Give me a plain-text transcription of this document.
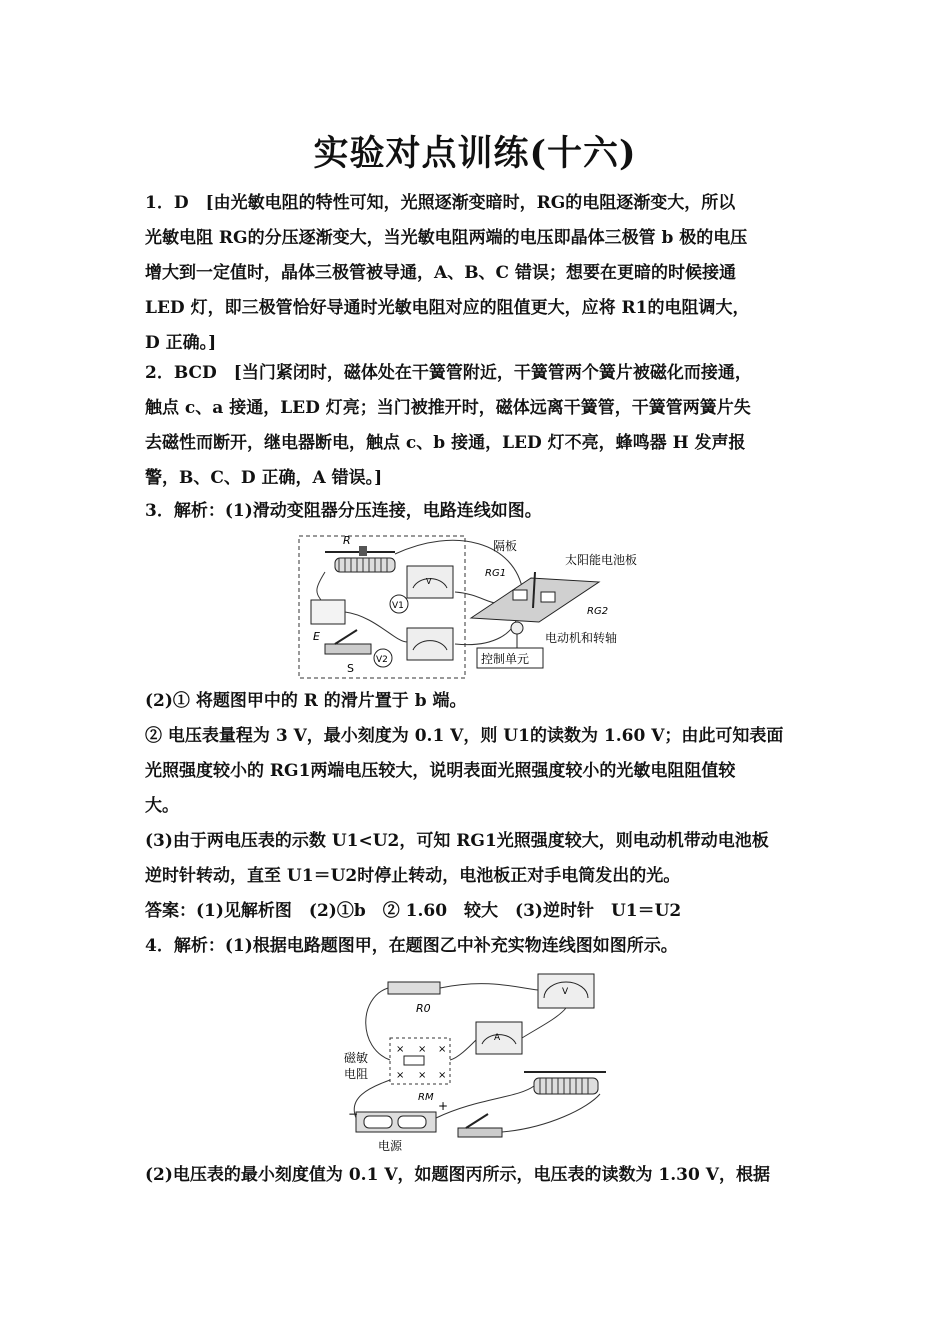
实验对点训练(十六)
1．D　[由光敏电阻的特性可知，光照逐渐变暗时，RG的电阻逐渐变大，所以
光敏电阻 RG的分压逐渐变大，当光敏电阻两端的电压即晶体三极管 b 极的电压
增大到一定值时，晶体三极管被导通，A、B、C 错误；想要在更暗的时候接通
LED 灯，即三极管恰好导通时光敏电阻对应的阻值更大，应将 R1的电阻调大，
D 正确。]
2．BCD　[当门紧闭时，磁体处在干簧管附近，干簧管两个簧片被磁化而接通，
触点 c、a 接通，LED 灯亮；当门被推开时，磁体远离干簧管，干簧管两簧片失
去磁性而断开，继电器断电，触点 c、b 接通，LED 灯不亮，蜂鸣器 H 发声报
警，B、C、D 正确，A 错误。]
3．解析：(1)滑动变阻器分压连接，电路连线如图。
R
E
S
V
V1
V2
隔板
太阳能电池板
RG1
RG2
电动机和转轴
控制单元
(2)① 将题图甲中的 R 的滑片置于 b 端。
② 电压表量程为 3 V，最小刻度为 0.1 V，则 U1的读数为 1.60 V；由此可知表面
光照强度较小的 RG1两端电压较大，说明表面光照强度较小的光敏电阻阻值较
大。
(3)由于两电压表的示数 U1<U2，可知 RG1光照强度较大，则电动机带动电池板
逆时针转动，直至 U1＝U2时停止转动，电池板正对手电筒发出的光。
答案：(1)见解析图　(2)①b　② 1.60　较大　(3)逆时针　U1＝U2
4．解析：(1)根据电路题图甲，在题图乙中补充实物连线图如图所示。
R0
V
A
× × ×
× × ×
磁敏
电阻
RM
−
+
电源
(2)电压表的最小刻度值为 0.1 V，如题图丙所示，电压表的读数为 1.30 V，根据
